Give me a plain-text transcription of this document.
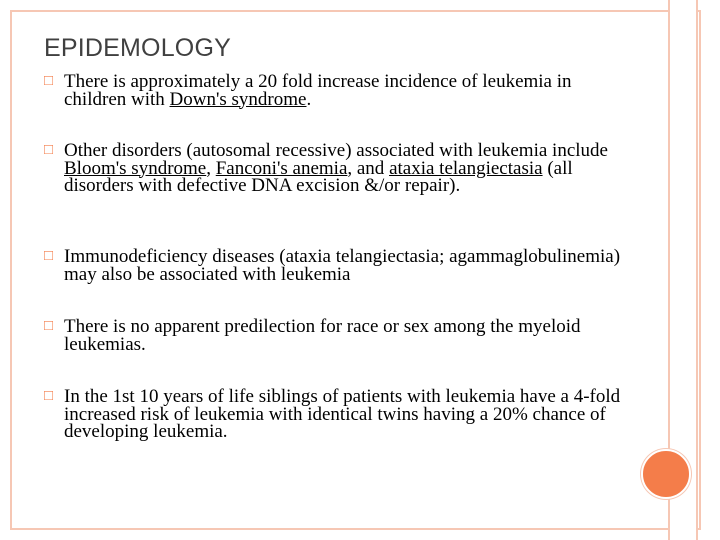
EPIDEMOLOGY
□ There is approximately a 20 fold increase incidence of leukemia in children with Down's syndrome.
□ Other disorders (autosomal recessive) associated with leukemia include Bloom's syndrome, Fanconi's anemia, and ataxia telangiectasia (all disorders with defective DNA excision &/or repair).
□ Immunodeficiency diseases (ataxia telangiectasia; agammaglobulinemia) may also be associated with leukemia
□ There is no apparent predilection for race or sex among the myeloid leukemias.
□ In the 1st 10 years of life siblings of patients with leukemia have a 4-fold increased risk of leukemia with identical twins having a 20% chance of developing leukemia.
